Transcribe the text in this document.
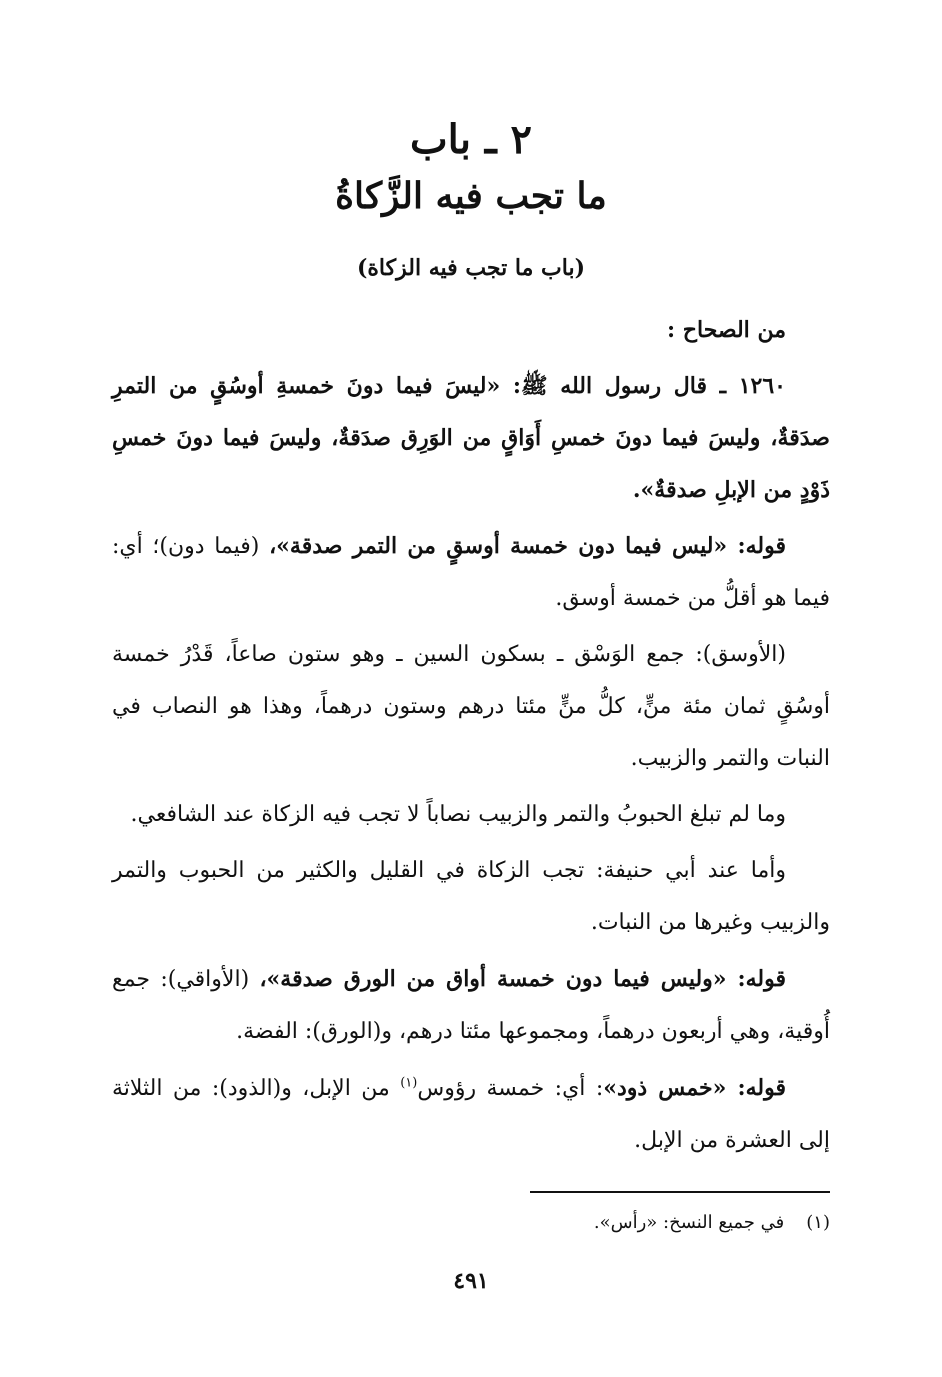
٢ ـ باب
ما تجب فيه الزَّكاةُ
(باب ما تجب فيه الزكاة)

من الصحاح :

١٢٦٠ ـ قال رسول الله ﷺ: «ليسَ فيما دونَ خمسةِ أوسُقٍ من التمرِ صدَقةٌ، وليسَ فيما دونَ خمسِ أَوَاقٍ من الوَرِق صدَقةٌ، وليسَ فيما دونَ خمسِ ذَوْدٍ من الإبلِ صدقةٌ».

قوله: «ليس فيما دون خمسة أوسقٍ من التمر صدقة»، (فيما دون)؛ أي: فيما هو أقلُّ من خمسة أوسق.

(الأوسق): جمع الوَسْق ـ بسكون السين ـ وهو ستون صاعاً، قَدْرُ خمسة أوسُقٍ ثمان مئة منٍّ، كلُّ منٍّ مئتا درهم وستون درهماً، وهذا هو النصاب في النبات والتمر والزبيب.

وما لم تبلغ الحبوبُ والتمر والزبيب نصاباً لا تجب فيه الزكاة عند الشافعي.

وأما عند أبي حنيفة: تجب الزكاة في القليل والكثير من الحبوب والتمر والزبيب وغيرها من النبات.

قوله: «وليس فيما دون خمسة أواق من الورق صدقة»، (الأواقي): جمع أُوقية، وهي أربعون درهماً، ومجموعها مئتا درهم، و(الورق): الفضة.

قوله: «خمس ذود»: أي: خمسة رؤوس$^{(١)}$ من الإبل، و(الذود): من الثلاثة إلى العشرة من الإبل.

(١)في جميع النسخ: «رأس».
٤٩١
